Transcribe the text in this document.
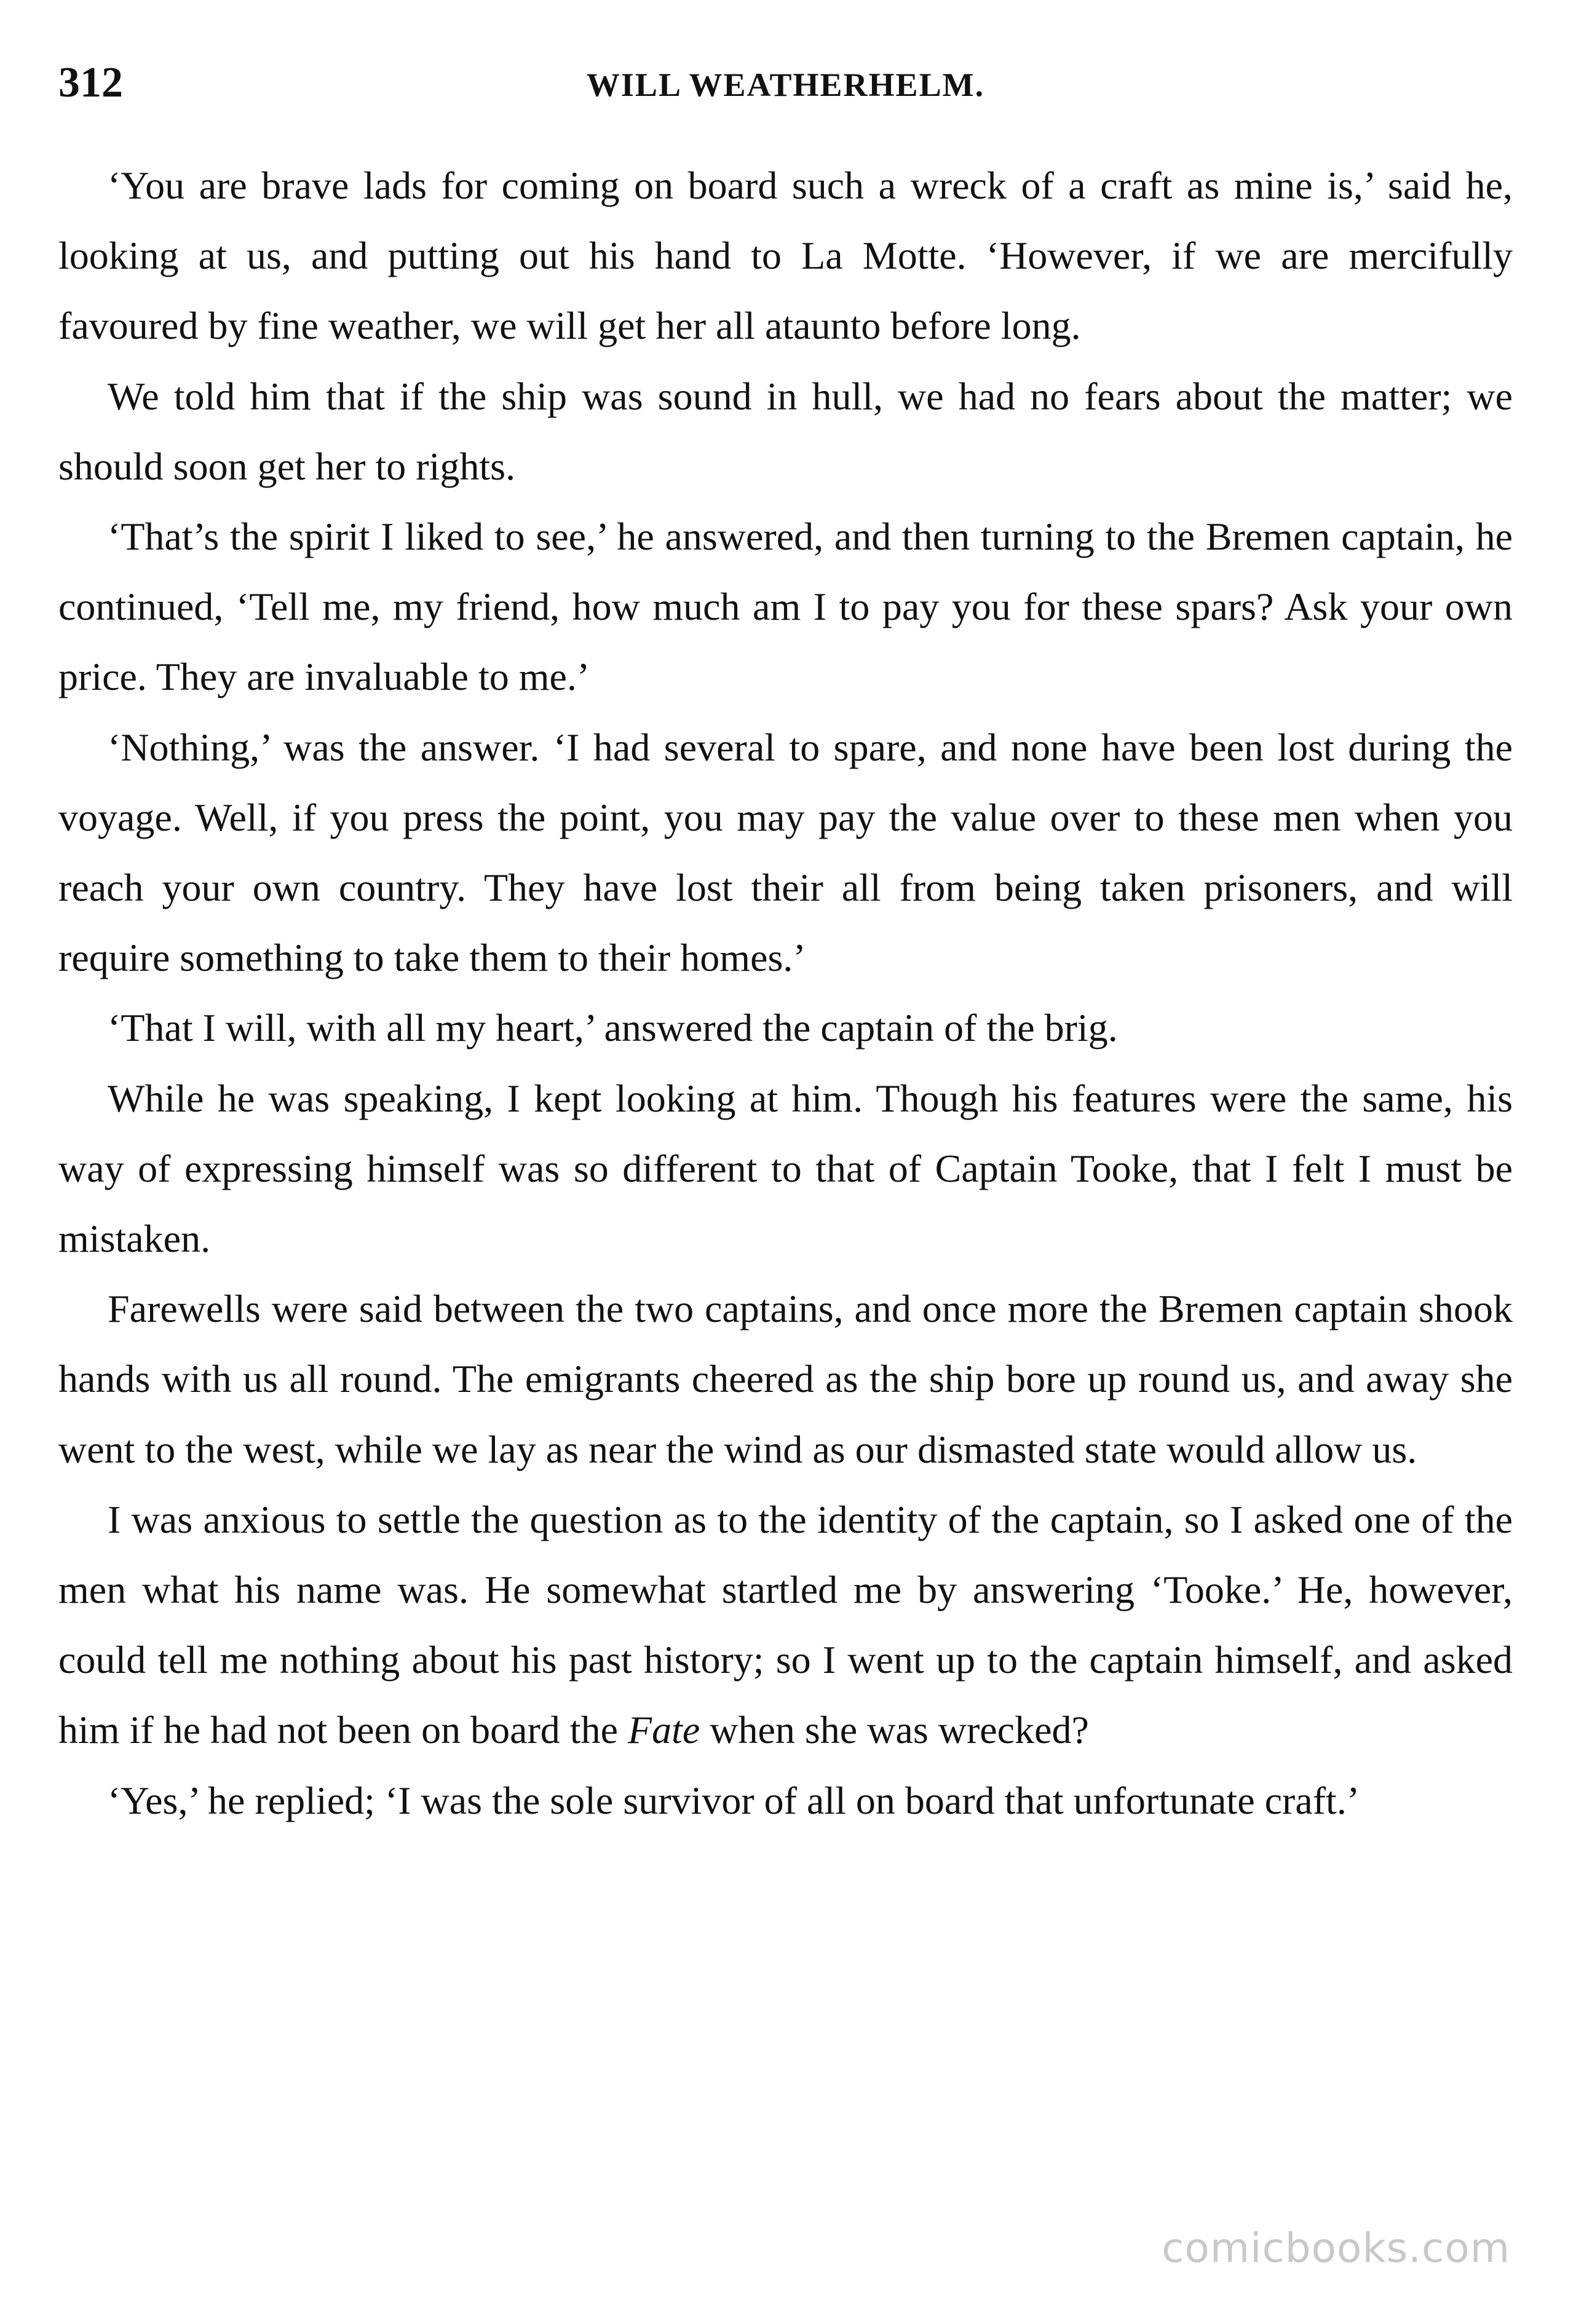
312	WILL WEATHERHELM.

‘You are brave lads for coming on board such a wreck of a craft as mine is,’ said he, looking at us, and putting out his hand to La Motte. ‘However, if we are mercifully favoured by fine weather, we will get her all ataunto before long.

We told him that if the ship was sound in hull, we had no fears about the matter; we should soon get her to rights.

‘That’s the spirit I liked to see,’ he answered, and then turning to the Bremen captain, he continued, ‘Tell me, my friend, how much am I to pay you for these spars? Ask your own price. They are invaluable to me.’

‘Nothing,’ was the answer. ‘I had several to spare, and none have been lost during the voyage. Well, if you press the point, you may pay the value over to these men when you reach your own country. They have lost their all from being taken prisoners, and will require something to take them to their homes.’

‘That I will, with all my heart,’ answered the captain of the brig.

While he was speaking, I kept looking at him. Though his features were the same, his way of expressing himself was so different to that of Captain Tooke, that I felt I must be mistaken.

Farewells were said between the two captains, and once more the Bremen captain shook hands with us all round. The emigrants cheered as the ship bore up round us, and away she went to the west, while we lay as near the wind as our dismasted state would allow us.

I was anxious to settle the question as to the identity of the captain, so I asked one of the men what his name was. He somewhat startled me by answering ‘Tooke.’ He, however, could tell me nothing about his past history; so I went up to the captain himself, and asked him if he had not been on board the Fate when she was wrecked?

‘Yes,’ he replied; ‘I was the sole survivor of all on board that unfortunate craft.’

comicbooks.com
